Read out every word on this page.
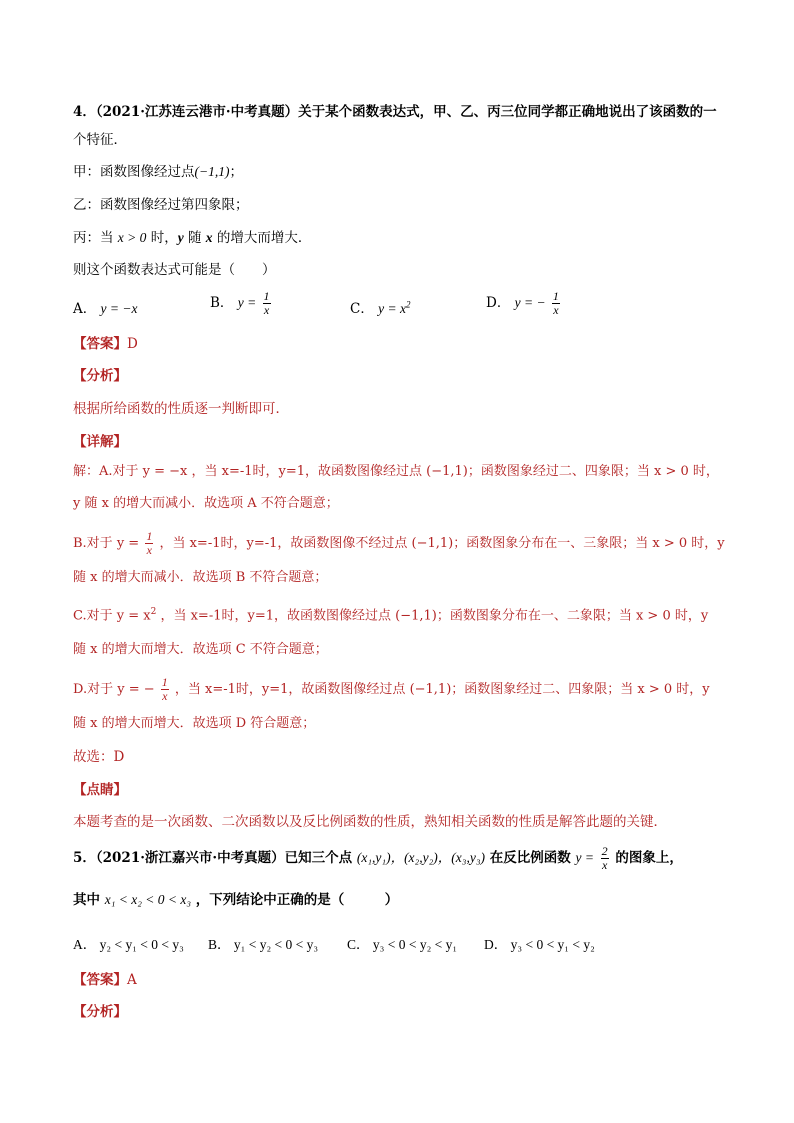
4．（2021·江苏连云港市·中考真题）关于某个函数表达式，甲、乙、丙三位同学都正确地说出了该函数的一
个特征．
甲：函数图像经过点(−1,1)；
乙：函数图像经过第四象限；
丙：当 x > 0 时，y 随 x 的增大而增大．
则这个函数表达式可能是（　　）
A． y = −x	B． $y = \frac{1}{x}$	C． $y = x^2$	D． y = − $\frac{1}{x}$
【答案】D
【分析】
根据所给函数的性质逐一判断即可．
【详解】
解：A.对于 y = −x ，当 x=-1时，y=1，故函数图像经过点 (−1,1)；函数图象经过二、四象限；当 x > 0 时，
y 随 x 的增大而减小．故选项 A 不符合题意；
B.对于 $y = \frac{1}{x}$ ，当 x=-1时，y=-1，故函数图像不经过点 (−1,1)；函数图象分布在一、三象限；当 x > 0 时，y
随 x 的增大而减小．故选项 B 不符合题意；
C.对于 $y = x^2$ ，当 x=-1时，y=1，故函数图像经过点 (−1,1)；函数图象分布在一、二象限；当 x > 0 时，y
随 x 的增大而增大．故选项 C 不符合题意；
D.对于 y = − $\frac{1}{x}$ ，当 x=-1时，y=1，故函数图像经过点 (−1,1)；函数图象经过二、四象限；当 x > 0 时，y
随 x 的增大而增大．故选项 D 符合题意；
故选：D
【点睛】
本题考查的是一次函数、二次函数以及反比例函数的性质，熟知相关函数的性质是解答此题的关键．
5．（2021·浙江嘉兴市·中考真题）已知三个点 (x₁,y₁)，(x₂,y₂)，(x₃,y₃) 在反比例函数 $y = \frac{2}{x}$ 的图象上，
其中 x₁ < x₂ < 0 < x₃ ，下列结论中正确的是（　　　）
A． y₂ < y₁ < 0 < y₃ B． y₁ < y₂ < 0 < y₃ C． y₃ < 0 < y₂ < y₁ D． y₃ < 0 < y₁ < y₂
【答案】A
【分析】
